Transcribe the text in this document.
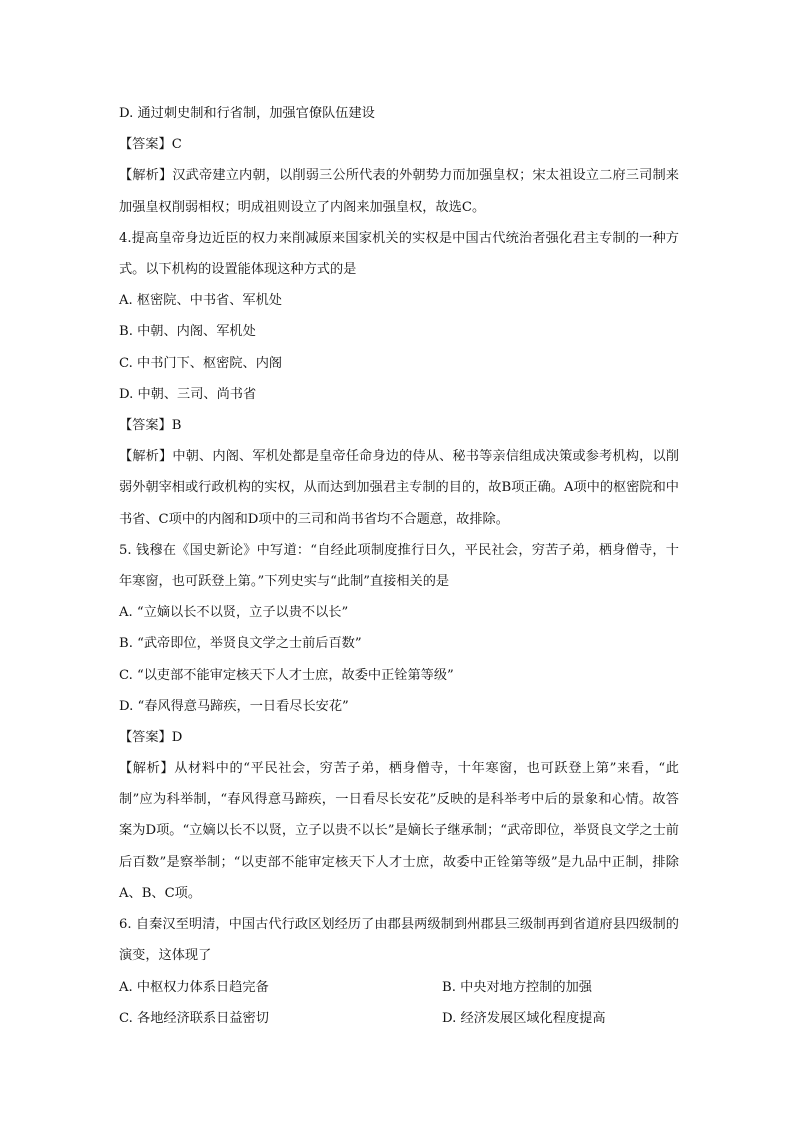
D. 通过刺史制和行省制，加强官僚队伍建设
【答案】C
【解析】汉武帝建立内朝，以削弱三公所代表的外朝势力而加强皇权；宋太祖设立二府三司制来加强皇权削弱相权；明成祖则设立了内阁来加强皇权，故选C。
4.提高皇帝身边近臣的权力来削减原来国家机关的实权是中国古代统治者强化君主专制的一种方式。以下机构的设置能体现这种方式的是
A. 枢密院、中书省、军机处
B. 中朝、内阁、军机处
C. 中书门下、枢密院、内阁
D. 中朝、三司、尚书省
【答案】B
【解析】中朝、内阁、军机处都是皇帝任命身边的侍从、秘书等亲信组成决策或参考机构，以削弱外朝宰相或行政机构的实权，从而达到加强君主专制的目的，故B项正确。A项中的枢密院和中书省、C项中的内阁和D项中的三司和尚书省均不合题意，故排除。
5. 钱穆在《国史新论》中写道：“自经此项制度推行日久，平民社会，穷苦子弟，栖身僧寺，十年寒窗，也可跃登上第。”下列史实与“此制”直接相关的是
A. “立嫡以长不以贤，立子以贵不以长”
B. “武帝即位，举贤良文学之士前后百数”
C. “以吏部不能审定核天下人才士庶，故委中正铨第等级”
D. “春风得意马蹄疾，一日看尽长安花”
【答案】D
【解析】从材料中的“平民社会，穷苦子弟，栖身僧寺，十年寒窗，也可跃登上第”来看，“此制”应为科举制，“春风得意马蹄疾，一日看尽长安花”反映的是科举考中后的景象和心情。故答案为D项。“立嫡以长不以贤，立子以贵不以长”是嫡长子继承制；“武帝即位，举贤良文学之士前后百数”是察举制；“以吏部不能审定核天下人才士庶，故委中正铨第等级”是九品中正制，排除A、B、C项。
6. 自秦汉至明清，中国古代行政区划经历了由郡县两级制到州郡县三级制再到省道府县四级制的演变，这体现了
A. 中枢权力体系日趋完备	B. 中央对地方控制的加强
C. 各地经济联系日益密切	D. 经济发展区域化程度提高
